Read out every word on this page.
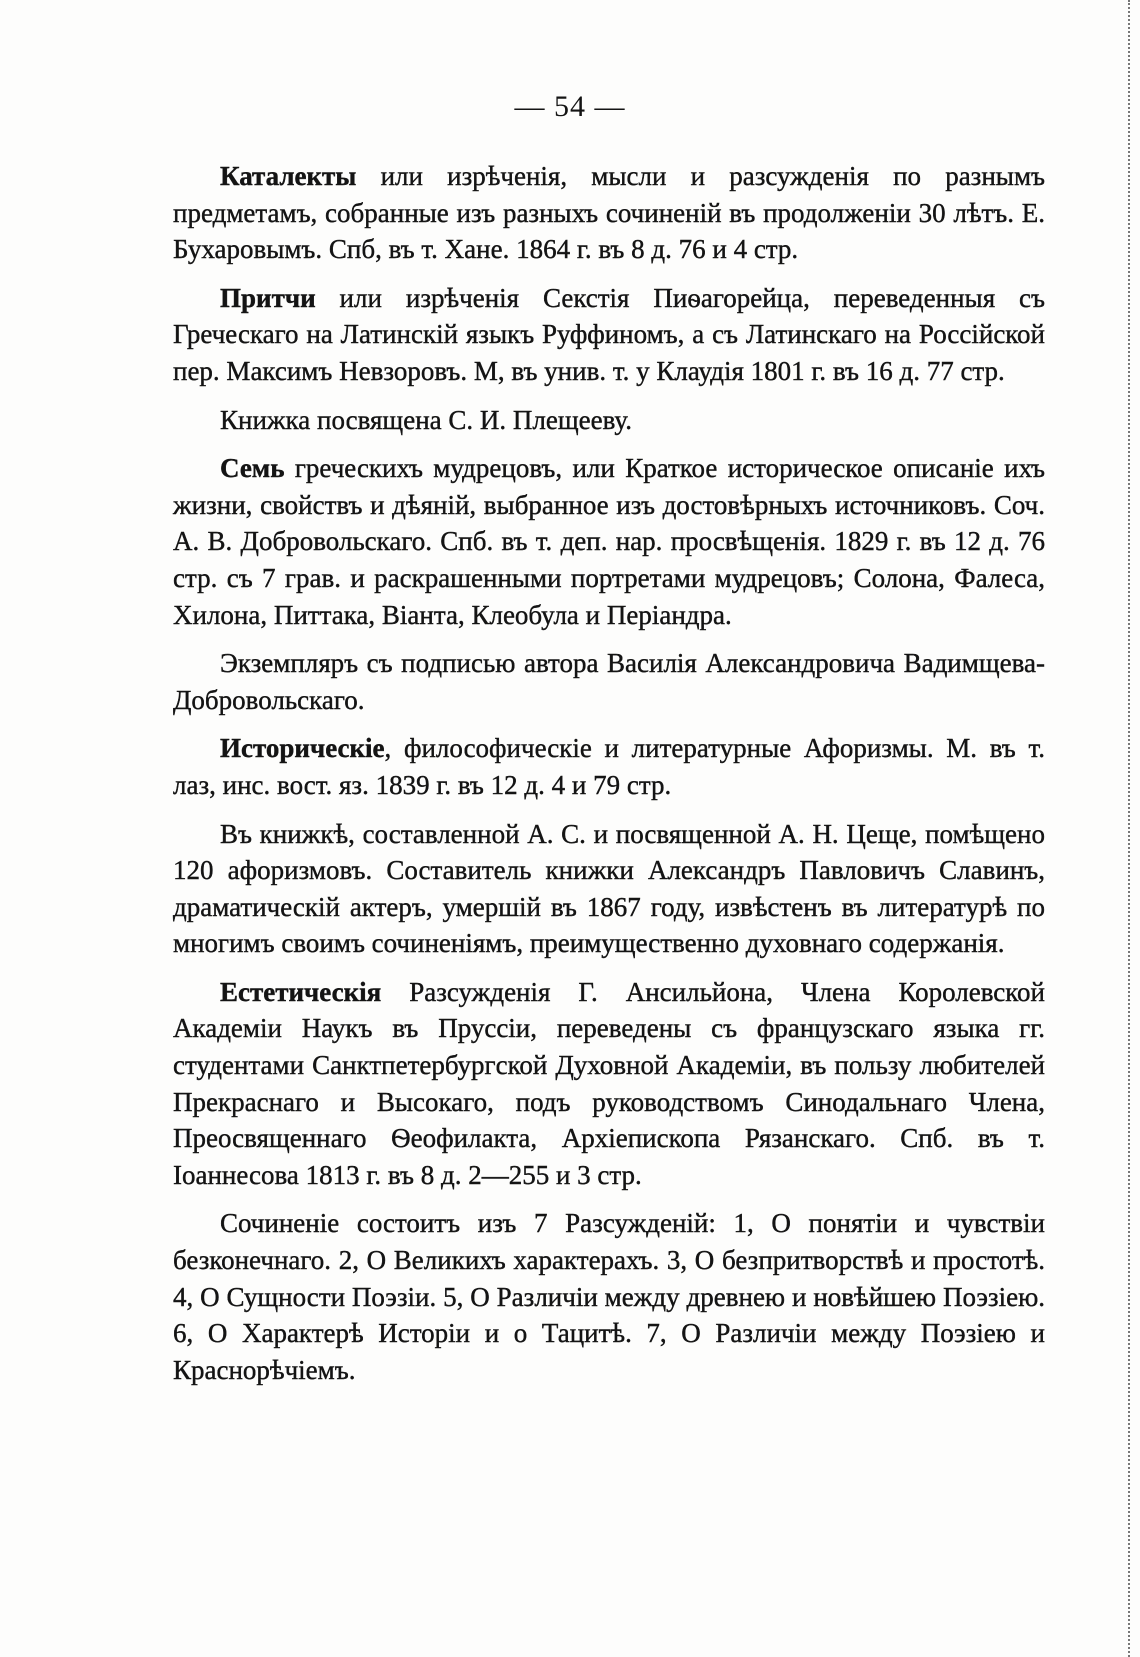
— 54 —

Каталекты или изрѣченія, мысли и разсужденія по разнымъ предметамъ, собранные изъ разныхъ сочиненій въ продолженіи 30 лѣтъ. Е. Бухаровымъ. Спб, въ т. Хане. 1864 г. въ 8 д. 76 и 4 стр.

Притчи или изрѣченія Секстія Пиѳагорейца, переведенныя съ Греческаго на Латинскій языкъ Руффиномъ, а съ Латинскаго на Россійской пер. Максимъ Невзоровъ. М, въ унив. т. у Клаудія 1801 г. въ 16 д. 77 стр.

Книжка посвящена С. И. Плещееву.

Семь греческихъ мудрецовъ, или Краткое историческое описаніе ихъ жизни, свойствъ и дѣяній, выбранное изъ достовѣрныхъ источниковъ. Соч. А. В. Добровольскаго. Спб. въ т. деп. нар. просвѣщенія. 1829 г. въ 12 д. 76 стр. съ 7 грав. и раскрашенными портретами мудрецовъ; Солона, Фалеса, Хилона, Питтака, Віанта, Клеобула и Періандра.

Экземпляръ съ подписью автора Василія Александровича Вадимщева-Добровольскаго.

Историческіе, философическіе и литературные Афоризмы. М. въ т. лаз, инс. вост. яз. 1839 г. въ 12 д. 4 и 79 стр.

Въ книжкѣ, составленной А. С. и посвященной А. Н. Цеще, помѣщено 120 афоризмовъ. Составитель книжки Александръ Павловичъ Славинъ, драматическій актеръ, умершій въ 1867 году, извѣстенъ въ литературѣ по многимъ своимъ сочиненіямъ, преимущественно духовнаго содержанія.

Естетическія Разсужденія Г. Ансильйона, Члена Королевской Академіи Наукъ въ Пруссіи, переведены съ французскаго языка гг. студентами Санктпетербургской Духовной Академіи, въ пользу любителей Прекраснаго и Высокаго, подъ руководствомъ Синодальнаго Члена, Преосвященнаго Ѳеофилакта, Архіепископа Рязанскаго. Спб. въ т. Іоаннесова 1813 г. въ 8 д. 2—255 и 3 стр.

Сочиненіе состоитъ изъ 7 Разсужденій: 1, О понятіи и чувствіи безконечнаго. 2, О Великихъ характерахъ. 3, О безпритворствѣ и простотѣ. 4, О Сущности Поэзіи. 5, О Различіи между древнею и новѣйшею Поэзіею. 6, О Характерѣ Исторіи и о Тацитѣ. 7, О Различіи между Поэзіею и Краснорѣчіемъ.
